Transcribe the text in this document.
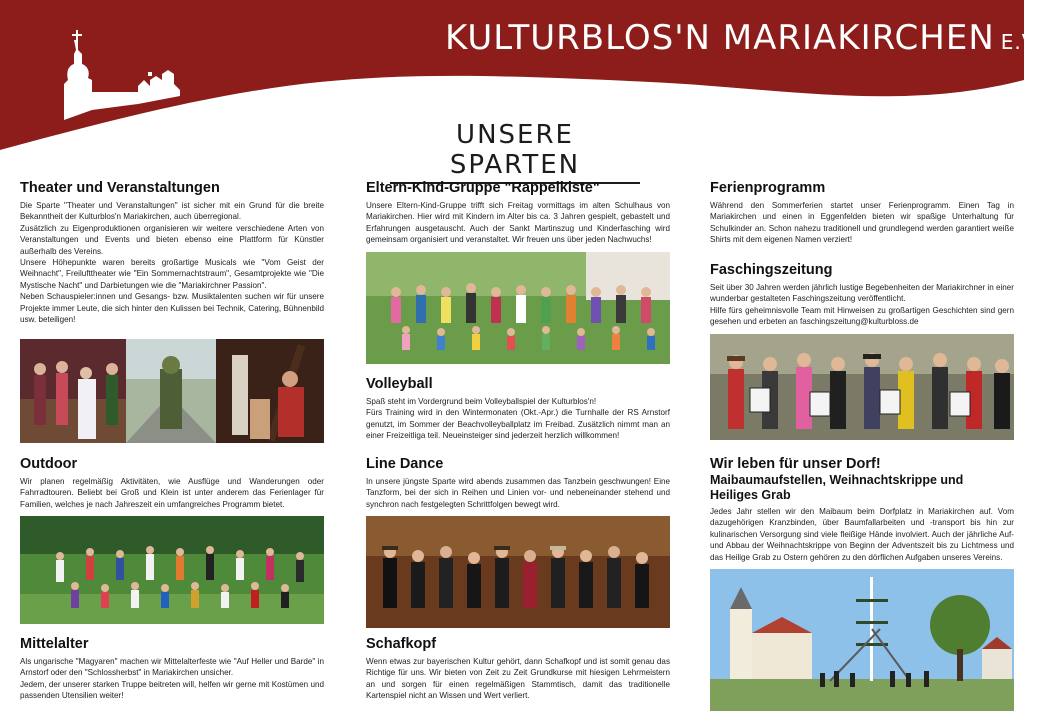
KULTURBLOS'N MARIAKIRCHEN E.V.
UNSERE SPARTEN
Theater und Veranstaltungen

Die Sparte "Theater und Veranstaltungen" ist sicher mit ein Grund für die breite Bekanntheit der Kulturblos'n Mariakirchen, auch überregional.

Zusätzlich zu Eigenproduktionen organisieren wir weitere verschiedene Arten von Veranstaltungen und Events und bieten ebenso eine Plattform für Künstler außerhalb des Vereins.

Unsere Höhepunkte waren bereits großartige Musicals wie "Vom Geist der Weihnacht", Freilufttheater wie "Ein Sommernachtstraum", Gesamtprojekte wie "Die Mystische Nacht" und Darbietungen wie die "Mariakirchner Passion".

Neben Schauspieler:innen und Gesangs- bzw. Musiktalenten suchen wir für unsere Projekte immer Leute, die sich hinter den Kulissen bei Technik, Catering, Bühnenbild usw. beteiligen!

Outdoor

Wir planen regelmäßig Aktivitäten, wie Ausflüge und Wanderungen oder Fahrradtouren. Beliebt bei Groß und Klein ist unter anderem das Ferienlager für Familien, welches je nach Jahreszeit ein umfangreiches Programm bietet.

Mittelalter

Als ungarische "Magyaren" machen wir Mittelalterfeste wie "Auf Heller und Barde" in Arnstorf oder den "Schlossherbst" in Mariakirchen unsicher.

Jedem, der unserer starken Truppe beitreten will, helfen wir gerne mit Kostümen und passenden Utensilien weiter!

Eltern-Kind-Gruppe "Rappelkiste"

Unsere Eltern-Kind-Gruppe trifft sich Freitag vormittags im alten Schulhaus von Mariakirchen. Hier wird mit Kindern im Alter bis ca. 3 Jahren gespielt, gebastelt und Erfahrungen ausgetauscht. Auch der Sankt Martinszug und Kinderfasching wird gemeinsam organisiert und veranstaltet. Wir freuen uns über jeden Nachwuchs!

Volleyball

Spaß steht im Vordergrund beim Volleyballspiel der Kulturblos'n!

Fürs Training wird in den Wintermonaten (Okt.-Apr.) die Turnhalle der RS Arnstorf genutzt, im Sommer der Beachvolleyballplatz im Freibad. Zusätzlich nimmt man an einer Freizeitliga teil. Neueinsteiger sind jederzeit herzlich willkommen!

Line Dance

In unsere jüngste Sparte wird abends zusammen das Tanzbein geschwungen! Eine Tanzform, bei der sich in Reihen und Linien vor- und nebeneinander stehend und synchron nach festgelegten Schrittfolgen bewegt wird.

Schafkopf

Wenn etwas zur bayerischen Kultur gehört, dann Schafkopf und ist somit genau das Richtige für uns. Wir bieten von Zeit zu Zeit Grundkurse mit hiesigen Lehrmeistern an und sorgen für einen regelmäßigen Stammtisch, damit das traditionelle Kartenspiel nicht an Wissen und Wert verliert.

Ferienprogramm

Während den Sommerferien startet unser Ferienprogramm. Einen Tag in Mariakirchen und einen in Eggenfelden bieten wir spaßige Unterhaltung für Schulkinder an. Schon nahezu traditionell und grundlegend werden garantiert weiße Shirts mit dem eigenen Namen verziert!

Faschingszeitung

Seit über 30 Jahren werden jährlich lustige Begebenheiten der Mariakirchner in einer wunderbar gestalteten Faschingszeitung veröffentlicht.

Hilfe fürs geheimnisvolle Team mit Hinweisen zu großartigen Geschichten sind gern gesehen und erbeten an faschingszeitung@kulturbloss.de

Wir leben für unser Dorf!
Maibaumaufstellen, Weihnachtskrippe und Heiliges Grab

Jedes Jahr stellen wir den Maibaum beim Dorfplatz in Mariakirchen auf. Vom dazugehörigen Kranzbinden, über Baumfallarbeiten und -transport bis hin zur kulinarischen Versorgung sind viele fleißige Hände involviert. Auch der jährliche Auf- und Abbau der Weihnachtskrippe von Beginn der Adventszeit bis zu Lichtmess und das Heilige Grab zu Ostern gehören zu den dörflichen Aufgaben unseres Vereins.
